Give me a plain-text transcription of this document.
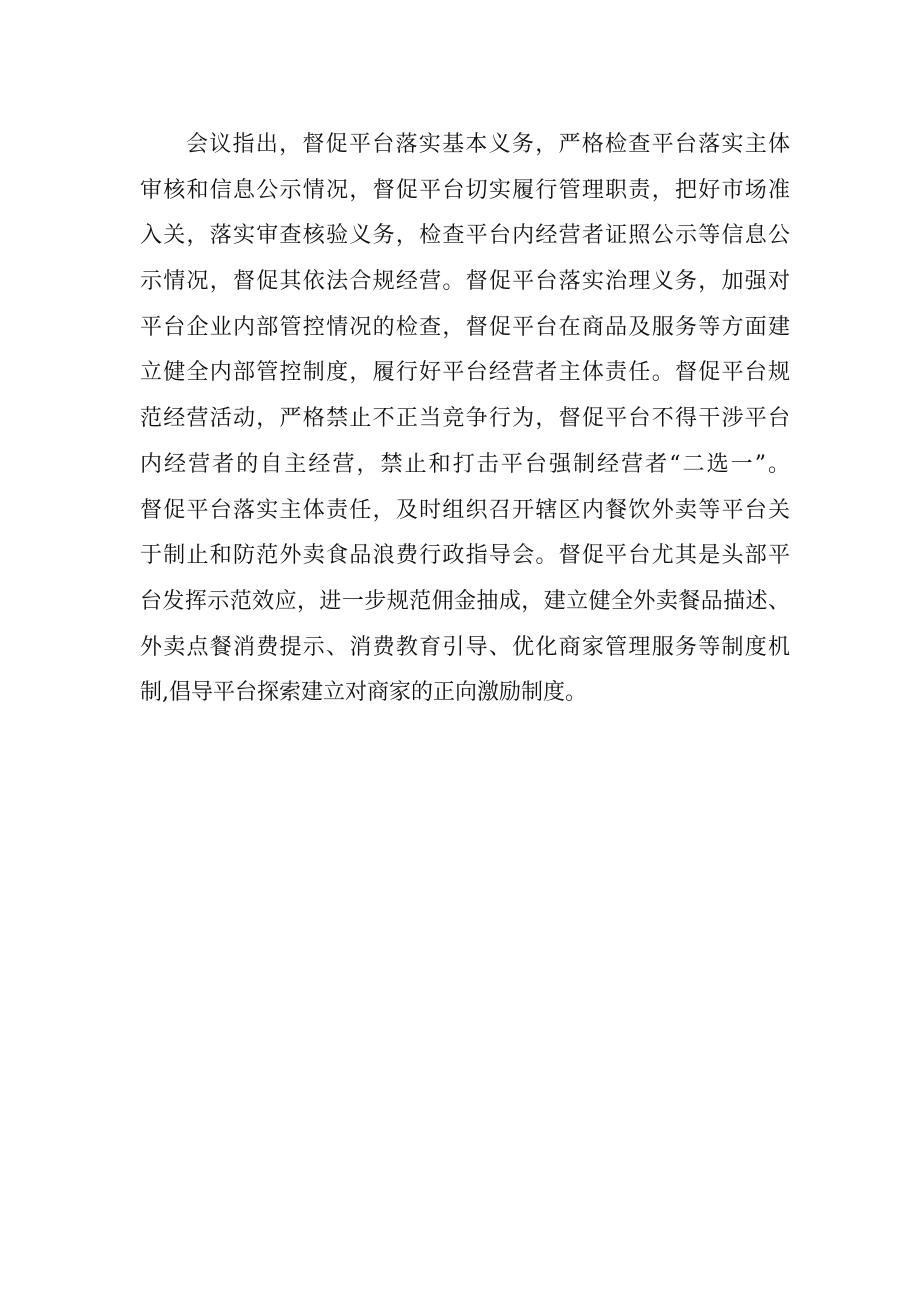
会议指出，督促平台落实基本义务，严格检查平台落实主体
审核和信息公示情况，督促平台切实履行管理职责，把好市场准
入关，落实审查核验义务，检查平台内经营者证照公示等信息公
示情况，督促其依法合规经营。督促平台落实治理义务，加强对
平台企业内部管控情况的检查，督促平台在商品及服务等方面建
立健全内部管控制度，履行好平台经营者主体责任。督促平台规
范经营活动，严格禁止不正当竞争行为，督促平台不得干涉平台
内经营者的自主经营，禁止和打击平台强制经营者“二选一”。
督促平台落实主体责任，及时组织召开辖区内餐饮外卖等平台关
于制止和防范外卖食品浪费行政指导会。督促平台尤其是头部平
台发挥示范效应，进一步规范佣金抽成，建立健全外卖餐品描述、
外卖点餐消费提示、消费教育引导、优化商家管理服务等制度机
制,倡导平台探索建立对商家的正向激励制度。
